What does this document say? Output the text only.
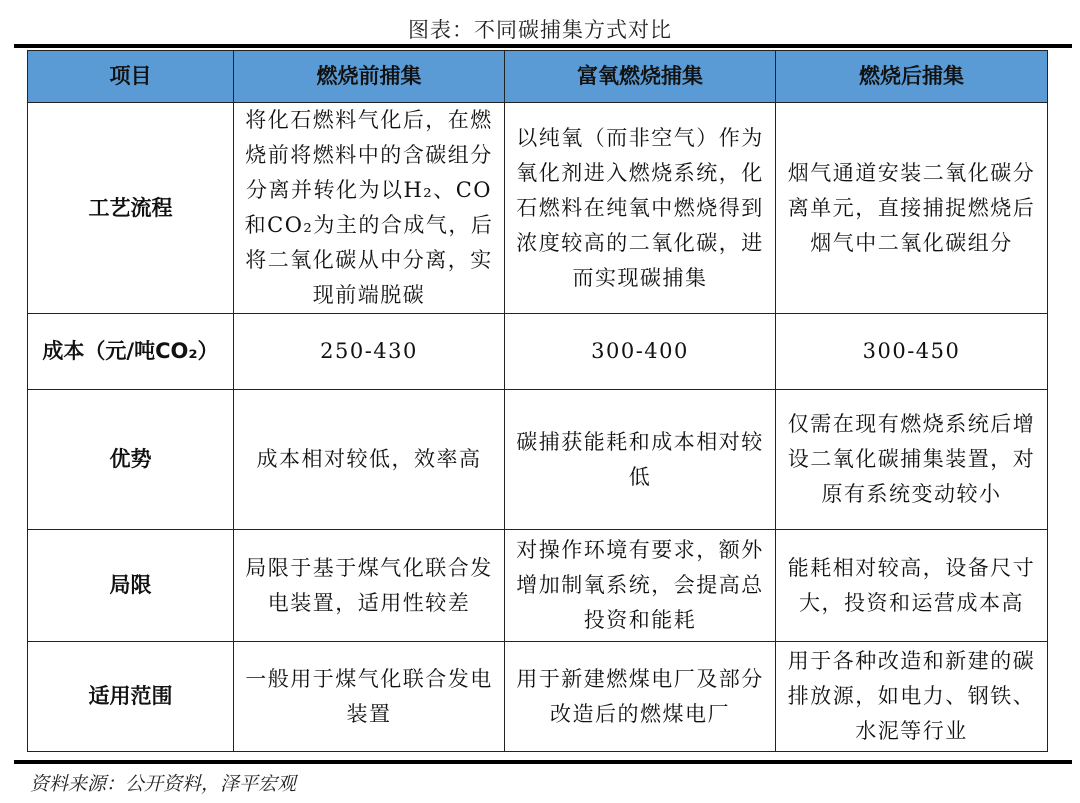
图表：不同碳捕集方式对比
项目	燃烧前捕集	富氧燃烧捕集	燃烧后捕集
工艺流程	将化石燃料气化后，在燃烧前将燃料中的含碳组分分离并转化为以H₂、CO和CO₂为主的合成气，后将二氧化碳从中分离，实现前端脱碳	以纯氧（而非空气）作为氧化剂进入燃烧系统，化石燃料在纯氧中燃烧得到浓度较高的二氧化碳，进而实现碳捕集	烟气通道安装二氧化碳分离单元，直接捕捉燃烧后烟气中二氧化碳组分
成本（元/吨CO₂）	250-430	300-400	300-450
优势	成本相对较低，效率高	碳捕获能耗和成本相对较低	仅需在现有燃烧系统后增设二氧化碳捕集装置，对原有系统变动较小
局限	局限于基于煤气化联合发电装置，适用性较差	对操作环境有要求，额外增加制氧系统，会提高总投资和能耗	能耗相对较高，设备尺寸大，投资和运营成本高
适用范围	一般用于煤气化联合发电装置	用于新建燃煤电厂及部分改造后的燃煤电厂	用于各种改造和新建的碳排放源，如电力、钢铁、水泥等行业
资料来源：公开资料，泽平宏观
